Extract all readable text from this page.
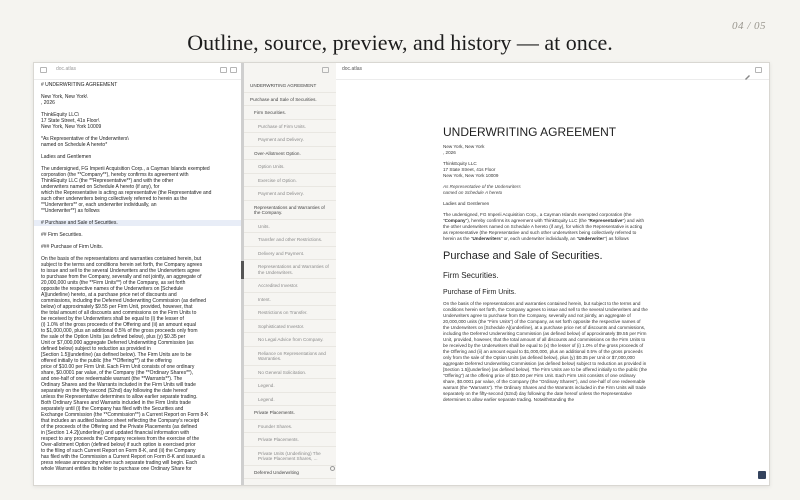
04 / 05
Outline, source, preview, and history — at once.
doc.atlas
# UNDERWRITING AGREEMENT
New York, New York\
, 2026
ThinkEquity LLC\
17 State Street, 41s Floor\
New York, New York 10009
*As Representative of the Underwriters\
named on Schedule A hereto*
Ladies and Gentlemen
The undersigned, FG Imperii Acquisition Corp., a Cayman Islands exempted
corporation (the **Company**), hereby confirms its agreement with
ThinkEquity LLC (the **Representative**) and with the other
underwriters named on Schedule A hereto (if any), for
which the Representative is acting as representative (the Representative and
such other underwriters being collectively referred to herein as the
**Underwriters** or, each underwriter individually, an
**Underwriter**) as follows
# Purchase and Sale of Securities.
## Firm Securities.
### Purchase of Firm Units.
On the basis of the representations and warranties contained herein, but
subject to the terms and conditions herein set forth, the Company agrees
to issue and sell to the several Underwriters and the Underwriters agree
to purchase from the Company, severally and not jointly, an aggregate of
20,000,000 units (the **Firm Units**) of the Company, as set forth
opposite the respective names of the Underwriters on [Schedule
A](underline) hereto, at a purchase price net of discounts and
commissions, including the Deferred Underwriting Commission (as defined
below) of approximately $9.55 per Firm Unit, provided, however, that
the total amount of all discounts and commissions on the Firm Units to
be received by the Underwriters shall be equal to (i) the lesser of
(i) 1.0% of the gross proceeds of the Offering and (ii) an amount equal
to $1,000,000, plus an additional 0.5% of the gross proceeds only from
the sale of the Option Units (as defined below), plus (y) $0.35 per
Unit or $7,000,000 aggregate Deferred Underwriting Commission (as
defined below) subject to reduction as provided in
[Section 1.5](underline) (as defined below). The Firm Units are to be
offered initially to the public (the **Offering**) at the offering
price of $10.00 per Firm Unit. Each Firm Unit consists of one ordinary
share, $0.0001 par value, of the Company (the **Ordinary Shares**),
and one-half of one redeemable warrant (the **Warrants**). The
Ordinary Shares and the Warrants included in the Firm Units will trade
separately on the fifty-second (52nd) day following the date hereof
unless the Representative determines to allow earlier separate trading.
Both Ordinary Shares and Warrants included in the Firm Units trade
separately until (i) the Company has filed with the Securities and
Exchange Commission (the **Commission**) a Current Report on Form 8-K
that includes an audited balance sheet reflecting the Company's receipt
of the proceeds of the Offering and the Private Placements (as defined
in [Section 1.4.2](underline)) and updated financial information with
respect to any proceeds the Company receives from the exercise of the
Over-allotment Option (defined below) if such option is exercised prior
to the filing of such Current Report on Form 8-K, and (ii) the Company
has filed with the Commission a Current Report on Form 8-K and issued a
press release announcing when such separate trading will begin. Each
whole Warrant entitles its holder to purchase one Ordinary Share for
UNDERWRITING AGREEMENT
Purchase and Sale of Securities.
Firm Securities.
Purchase of Firm Units.
Payment and Delivery.
Over-Allotment Option.
Option Units.
Exercise of Option.
Payment and Delivery.
Representations and Warranties of the Company.
Units.
Transfer and other Restrictions.
Delivery and Payment.
Representations and Warranties of the Underwriters.
Accredited Investor.
Intent.
Restrictions on Transfer.
Sophisticated Investor.
No Legal Advice from Company.
Reliance on Representations and Warranties.
No General Solicitation.
Legend.
Legend.
Private Placements.
Founder Shares.
Private Placements.
Private Units (Underlining) The Private Placement Shares, ...
Deferred Underwriting
doc.atlas
UNDERWRITING AGREEMENT
New York, New York
, 2026
ThinkEquity LLC
17 State Street, 41s Floor
New York, New York 10009
As Representative of the Underwriters
named on Schedule A hereto
Ladies and Gentlemen
The undersigned, FG Imperii Acquisition Corp., a Cayman Islands exempted corporation (the "Company"), hereby confirms its agreement with ThinkEquity LLC (the "Representative") and with the other underwriters named on Schedule A hereto (if any), for which the Representative is acting as representative (the Representative and such other underwriters being collectively referred to herein as the "Underwriters" or, each underwriter individually, an "Underwriter") as follows
Purchase and Sale of Securities.
Firm Securities.
Purchase of Firm Units.
On the basis of the representations and warranties contained herein, but subject to the terms and conditions herein set forth, the Company agrees to issue and sell to the several Underwriters and the Underwriters agree to purchase from the Company, severally and not jointly, an aggregate of 20,000,000 units (the "Firm Units") of the Company, as set forth opposite the respective names of the Underwriters on [Schedule A](underline), at a purchase price net of discounts and commissions, including the Deferred Underwriting Commission (as defined below) of approximately $9.55 per Firm Unit, provided, however, that the total amount of all discounts and commissions on the Firm Units to be received by the Underwriters shall be equal to (x) the lesser of (i) 1.0% of the gross proceeds of the Offering and (ii) an amount equal to $1,000,000, plus an additional 0.5% of the gross proceeds only from the sale of the Option Units (as defined below), plus (y) $0.35 per Unit or $7,000,000 aggregate Deferred Underwriting Commission (as defined below) subject to reduction as provided in [Section 1.5](underline) (as defined below). The Firm Units are to be offered initially to the public (the "Offering") at the offering price of $10.00 per Firm Unit. Each Firm Unit consists of one ordinary share, $0.0001 par value, of the Company (the "Ordinary Shares"), and one-half of one redeemable warrant (the "Warrants"). The Ordinary Shares and the Warrants included in the Firm Units will trade separately on the fifty-second (52nd) day following the date hereof unless the Representative determines to allow earlier separate trading. Notwithstanding the
